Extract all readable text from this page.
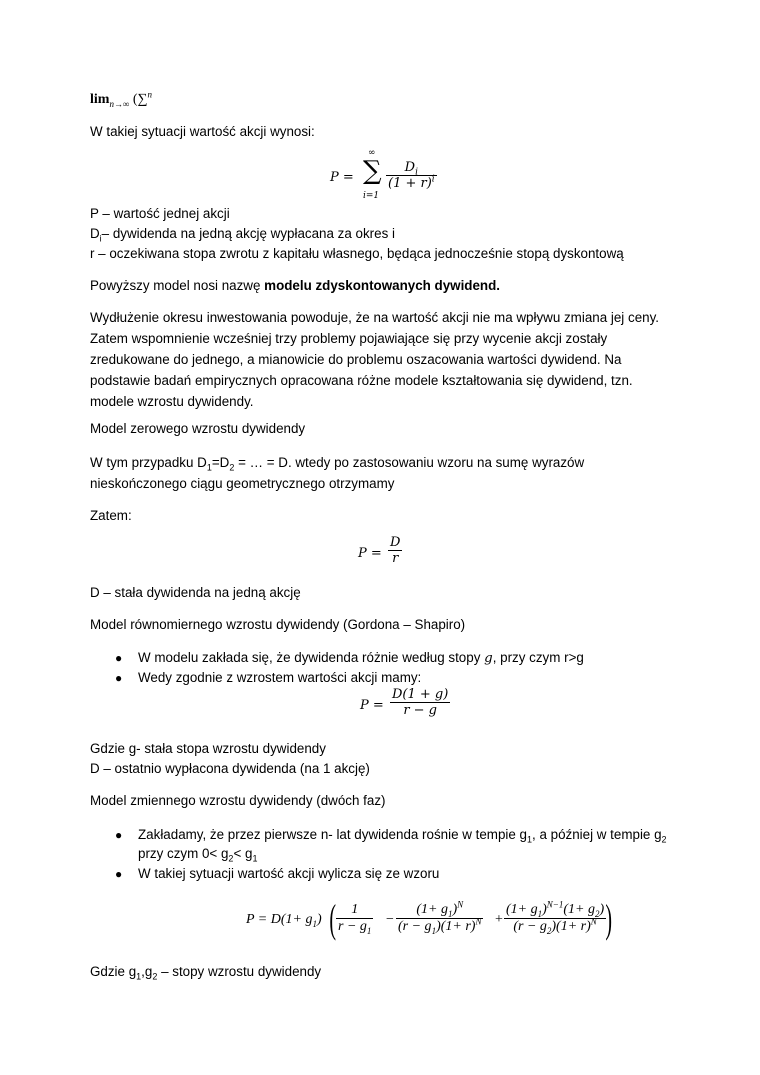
$\lim_{n\to\infty} (\sum^n$
W takiej sytuacji wartość akcji wynosi:
P =
∞
∑
i=1
$\frac{D_i}{(1 + r)^i}$
P – wartość jednej akcji
$D_i-$ dywidenda na jedną akcję wypłacana za okres i
r – oczekiwana stopa zwrotu z kapitału własnego, będąca jednocześnie stopą dyskontową
Powyższy model nosi nazwę modelu zdyskontowanych dywidend.
Wydłużenie okresu inwestowania powoduje, że na wartość akcji nie ma wpływu zmiana jej ceny. Zatem wspomnienie wcześniej trzy problemy pojawiające się przy wycenie akcji zostały zredukowane do jednego, a mianowicie do problemu oszacowania wartości dywidend. Na podstawie badań empirycznych opracowana różne modele kształtowania się dywidend, tzn. modele wzrostu dywidendy.
Model zerowego wzrostu dywidendy
W tym przypadku $D_1=D_2$ = … = D. wtedy po zastosowaniu wzoru na sumę wyrazów nieskończonego ciągu geometrycznego otrzymamy
Zatem:
$P = \frac{D}{r}$
D – stała dywidenda na jedną akcję
Model równomiernego wzrostu dywidendy (Gordona – Shapiro)
● W modelu zakłada się, że dywidenda różnie według stopy g, przy czym r>g
● Wedy zgodnie z wzrostem wartości akcji mamy:
$P = \frac{D(1 + g)}{r - g}$
Gdzie g- stała stopa wzrostu dywidendy
D – ostatnio wypłacona dywidenda (na 1 akcję)
Model zmiennego wzrostu dywidendy (dwóch faz)
● Zakładamy, że przez pierwsze n- lat dywidenda rośnie w tempie $g_1$, a później w tempie $g_2$ przy czym $0< g_2< g_1$
● W takiej sytuacji wartość akcji wylicza się ze wzoru
$P = D(1+ g_1)$ ( $\frac{1}{r - g_1} - \frac{(1+ g_1)^N}{(r - g_1)(1+ r)^N} + \frac{(1+ g_1)^{N-1}(1+ g_2)}{(r - g_2)(1+ r)^N}$ )
Gdzie $g_1,g_2$ – stopy wzrostu dywidendy
